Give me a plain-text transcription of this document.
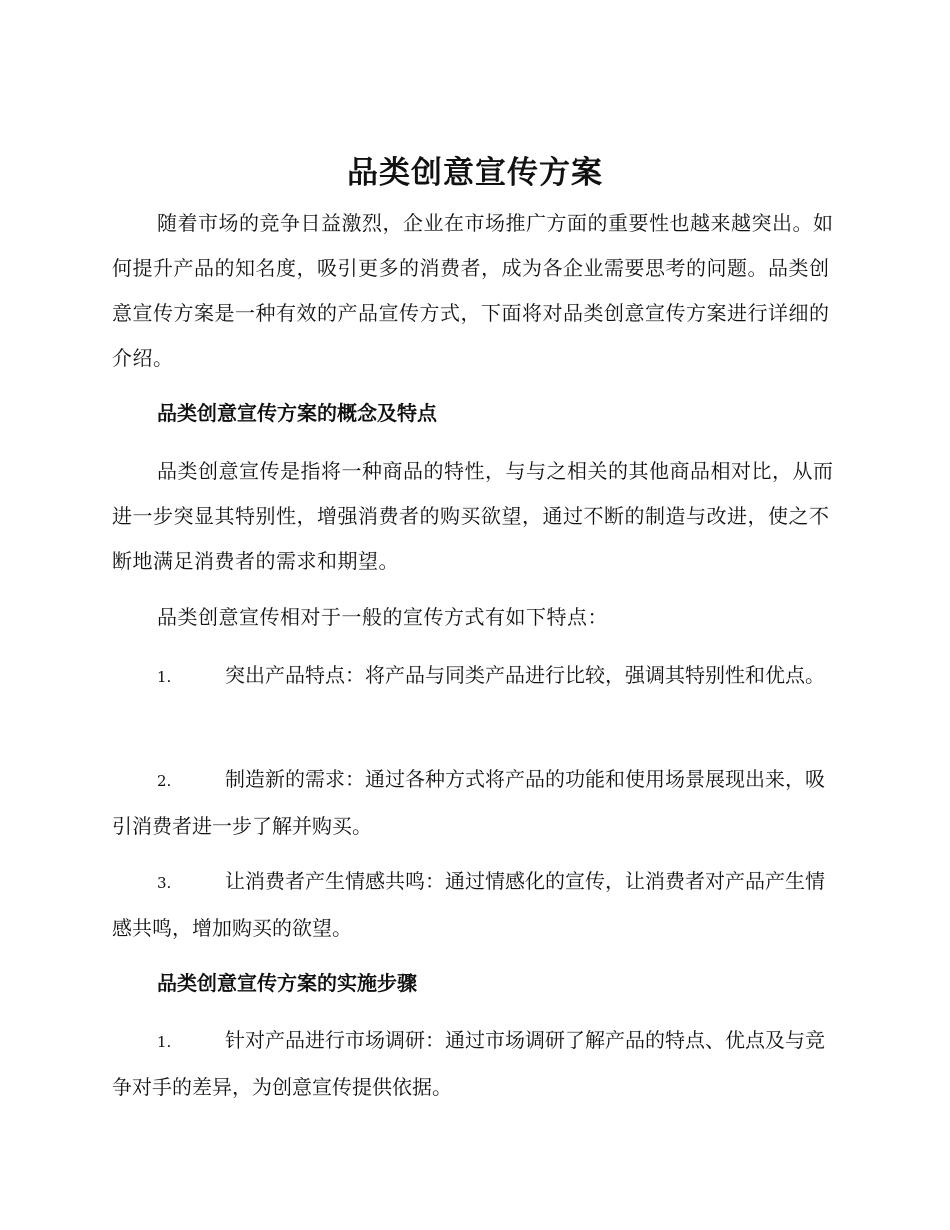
品类创意宣传方案

随着市场的竞争日益激烈，企业在市场推广方面的重要性也越来越突出。如何提升产品的知名度，吸引更多的消费者，成为各企业需要思考的问题。品类创意宣传方案是一种有效的产品宣传方式，下面将对品类创意宣传方案进行详细的介绍。

品类创意宣传方案的概念及特点

品类创意宣传是指将一种商品的特性，与与之相关的其他商品相对比，从而进一步突显其特别性，增强消费者的购买欲望，通过不断的制造与改进，使之不断地满足消费者的需求和期望。

品类创意宣传相对于一般的宣传方式有如下特点：

1.	突出产品特点：将产品与同类产品进行比较，强调其特别性和优点。

2.	制造新的需求：通过各种方式将产品的功能和使用场景展现出来，吸引消费者进一步了解并购买。

3.	让消费者产生情感共鸣：通过情感化的宣传，让消费者对产品产生情感共鸣，增加购买的欲望。

品类创意宣传方案的实施步骤

1.	针对产品进行市场调研：通过市场调研了解产品的特点、优点及与竞争对手的差异，为创意宣传提供依据。
